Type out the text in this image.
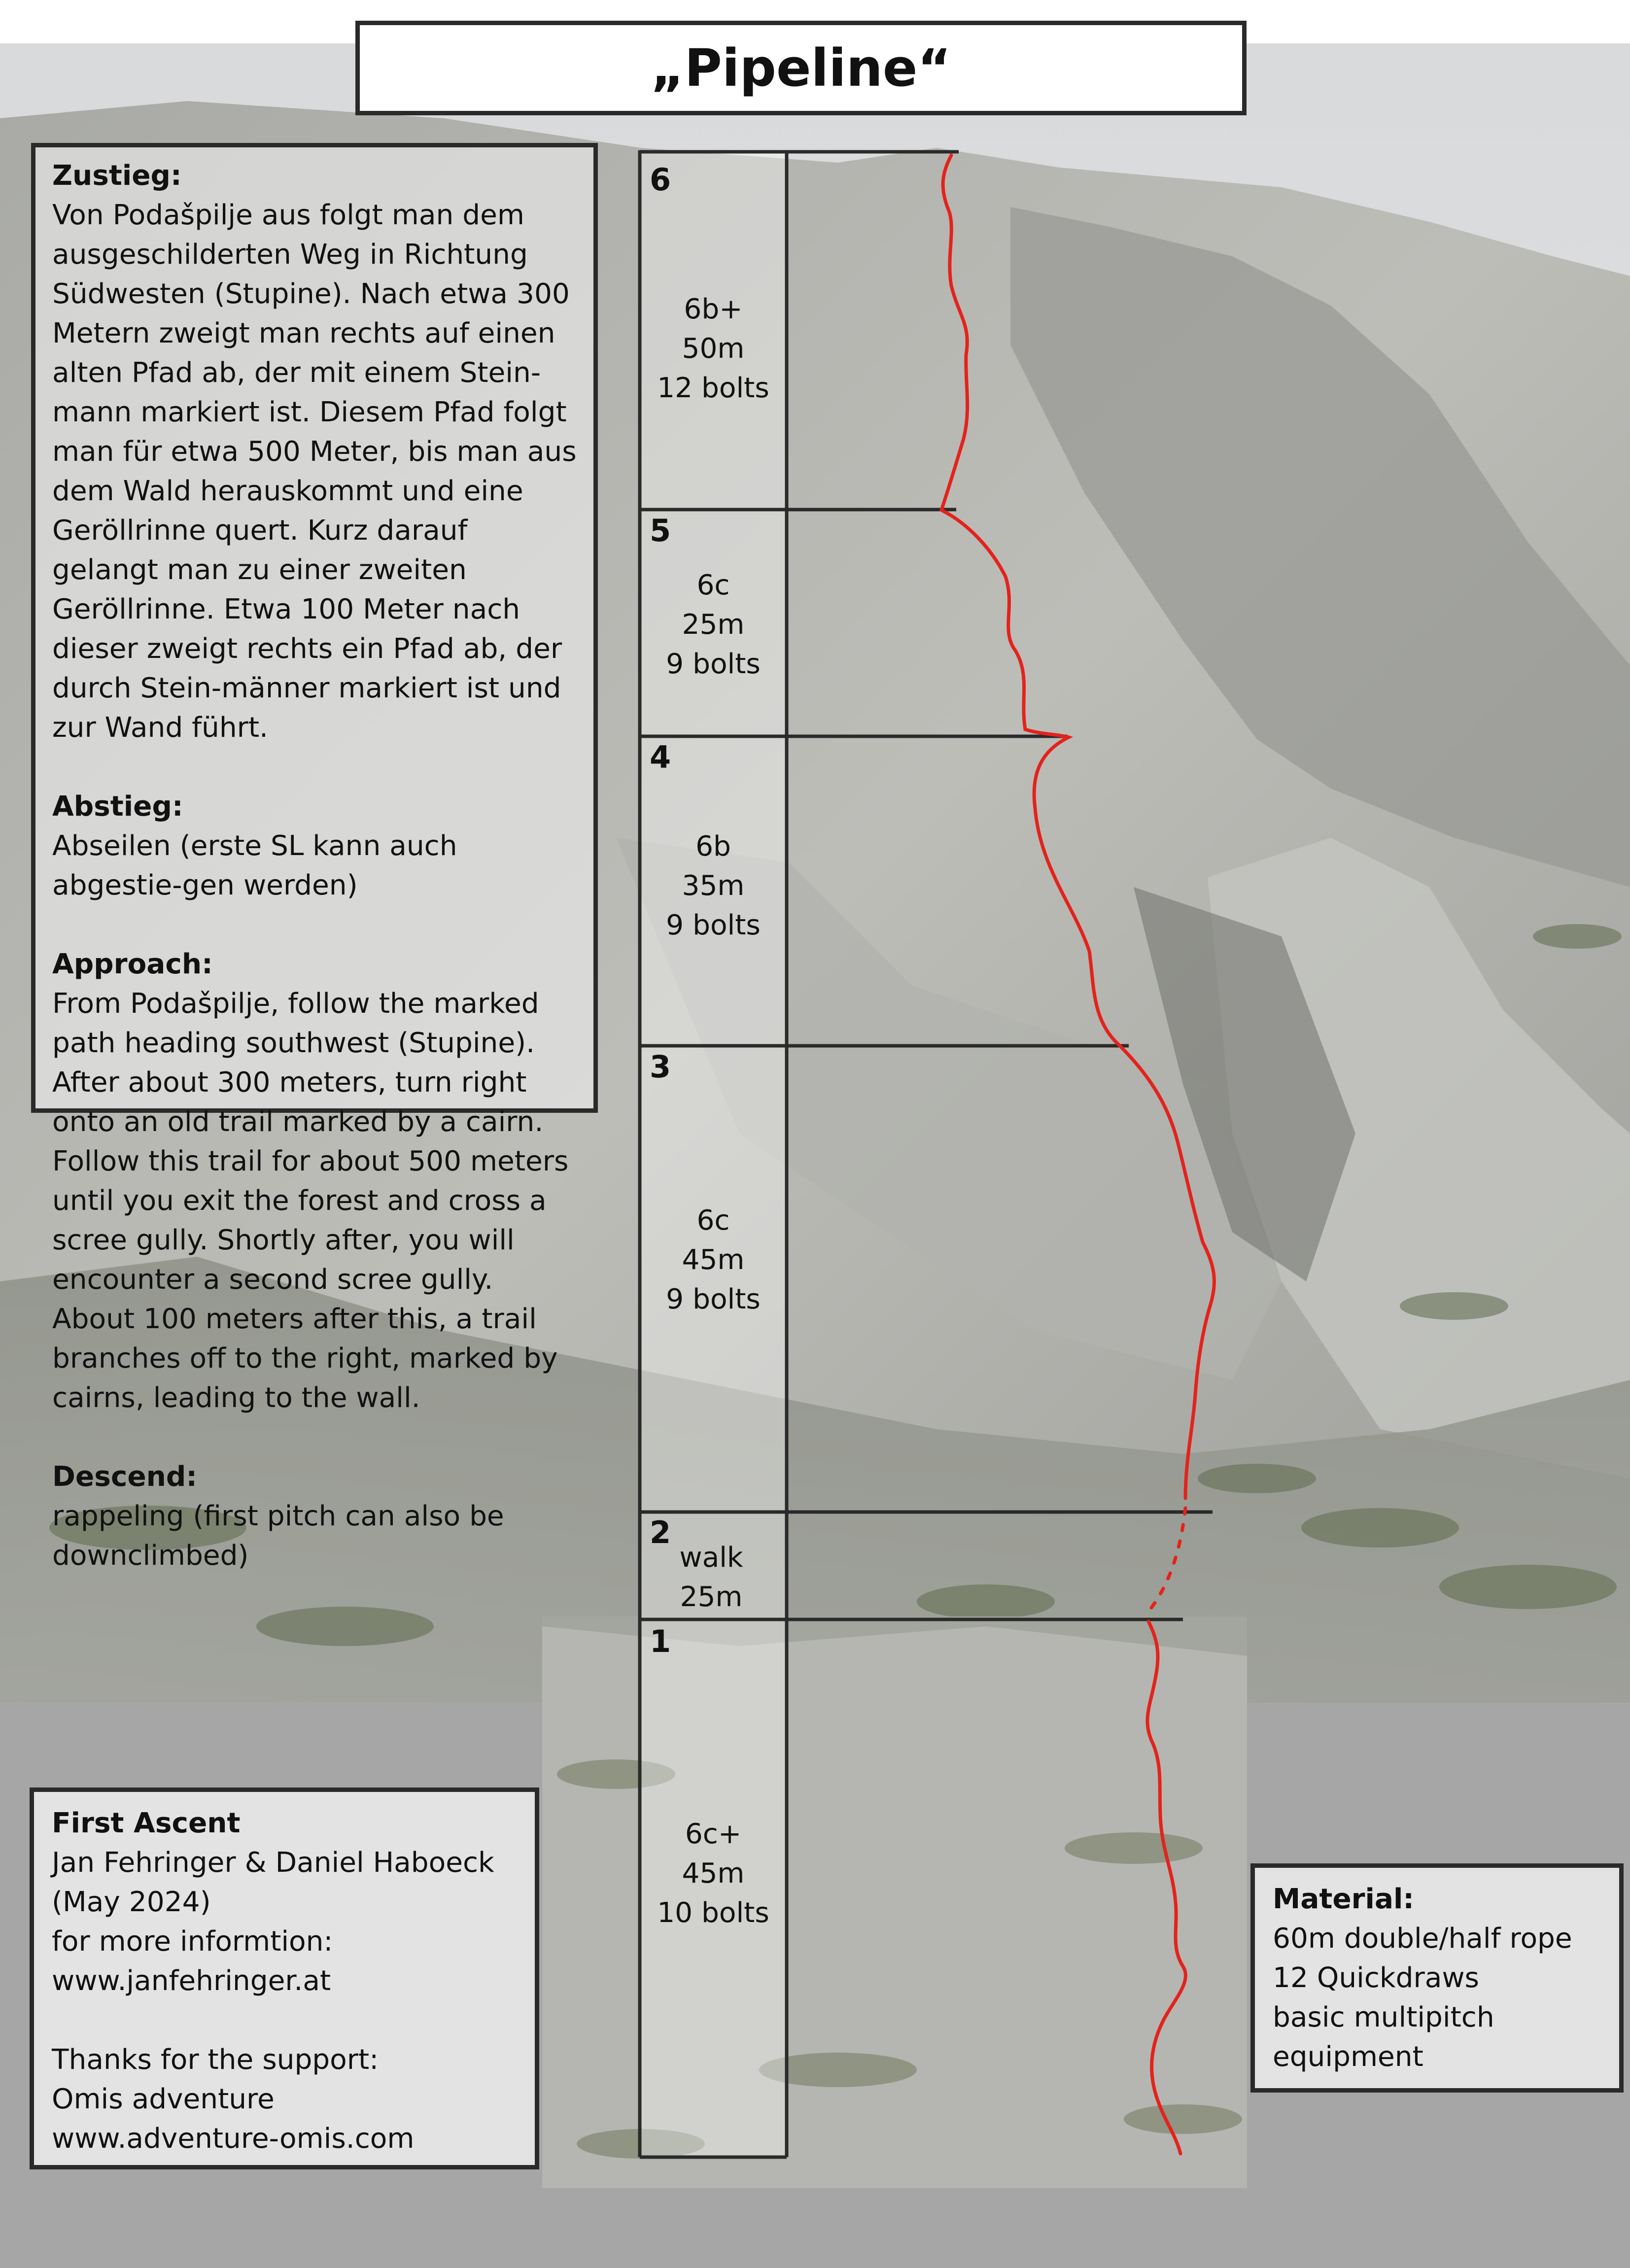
„Pipeline“

Zustieg:
Von Podašpilje aus folgt man dem ausgeschilderten Weg in Richtung Südwesten (Stupine). Nach etwa 300 Metern zweigt man rechts auf einen alten Pfad ab, der mit einem Stein-mann markiert ist. Diesem Pfad folgt man für etwa 500 Meter, bis man aus dem Wald herauskommt und eine Geröllrinne quert. Kurz darauf gelangt man zu einer zweiten Geröllrinne. Etwa 100 Meter nach dieser zweigt rechts ein Pfad ab, der durch Stein-männer markiert ist und zur Wand führt.

Abstieg:
Abseilen (erste SL kann auch abgestie-gen werden)

Approach:
From Podašpilje, follow the marked path heading southwest (Stupine). After about 300 meters, turn right onto an old trail marked by a cairn. Follow this trail for about 500 meters until you exit the forest and cross a scree gully. Shortly after, you will encounter a second scree gully. About 100 meters after this, a trail branches off to the right, marked by cairns, leading to the wall.

Descend:
rappeling (first pitch can also be downclimbed)

6
6b+
50m
12 bolts
5
6c
25m
9 bolts
4
6b
35m
9 bolts
3
6c
45m
9 bolts
2
walk
25m
1
6c+
45m
10 bolts

First Ascent
Jan Fehringer & Daniel Haboeck
(May 2024)
for more informtion:
www.janfehringer.at

Thanks for the support:
Omis adventure
www.adventure-omis.com

Material:
60m double/half rope
12 Quickdraws
basic multipitch equipment
